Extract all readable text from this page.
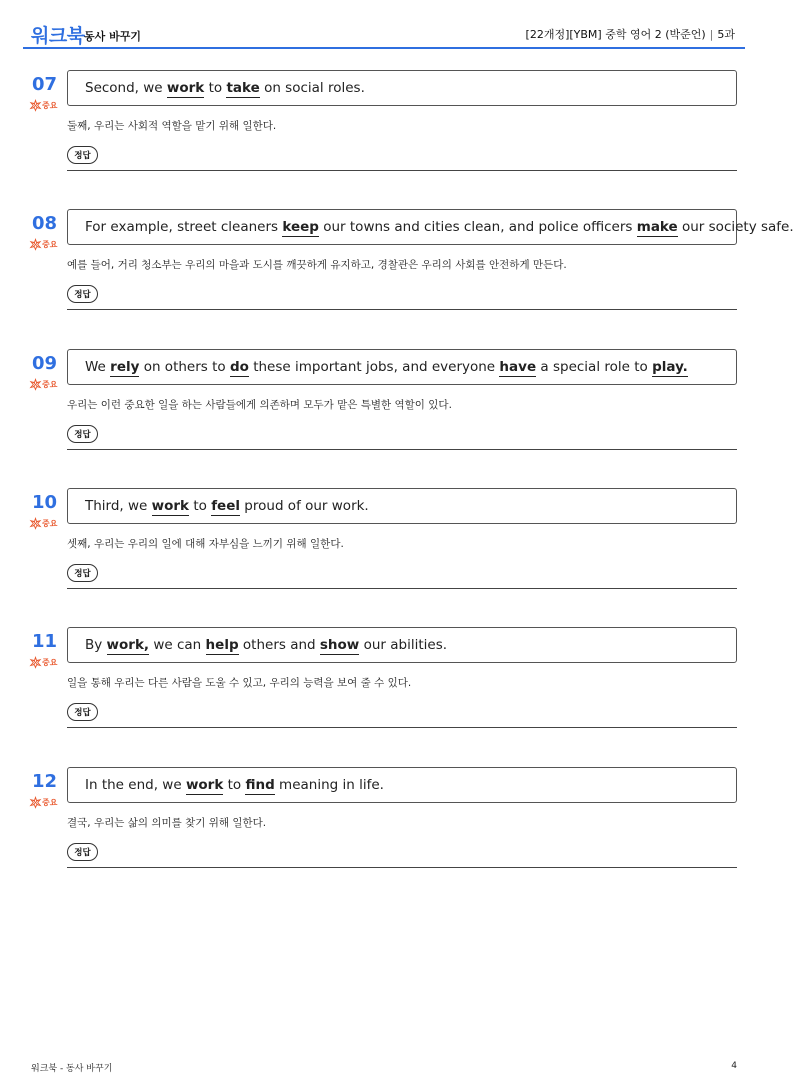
워크북 동사 바꾸기	[22개정][YBM] 중학 영어 2 (박준언) | 5과
07
중요
Second, we work to take on social roles.
둘째, 우리는 사회적 역할을 맡기 위해 일한다.
정답
08
중요
For example, street cleaners keep our towns and cities clean, and police officers make our society safe.
예를 들어, 거리 청소부는 우리의 마을과 도시를 깨끗하게 유지하고, 경찰관은 우리의 사회를 안전하게 만든다.
정답
09
중요
We rely on others to do these important jobs, and everyone have a special role to play.
우리는 이런 중요한 일을 하는 사람들에게 의존하며 모두가 맡은 특별한 역할이 있다.
정답
10
중요
Third, we work to feel proud of our work.
셋째, 우리는 우리의 일에 대해 자부심을 느끼기 위해 일한다.
정답
11
중요
By work, we can help others and show our abilities.
일을 통해 우리는 다른 사람을 도울 수 있고, 우리의 능력을 보여 줄 수 있다.
정답
12
중요
In the end, we work to find meaning in life.
결국, 우리는 삶의 의미를 찾기 위해 일한다.
정답
워크북 - 동사 바꾸기	4
